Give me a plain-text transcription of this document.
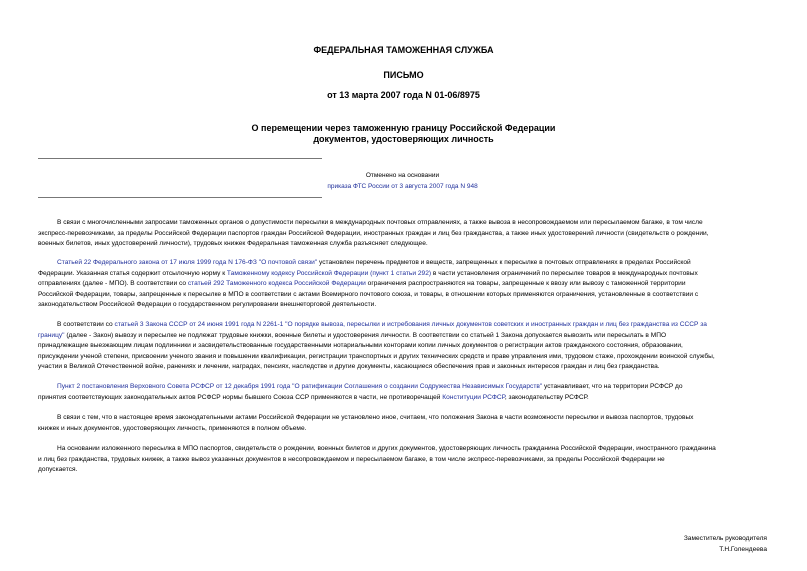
ФЕДЕРАЛЬНАЯ ТАМОЖЕННАЯ СЛУЖБА
ПИСЬМО
от 13 марта 2007 года N 01-06/8975
О перемещении через таможенную границу Российской Федерации
документов, удостоверяющих личность
Отменено на основании
приказа ФТС России от 3 августа 2007 года N 948
В связи с многочисленными запросами таможенных органов о допустимости пересылки в международных почтовых отправлениях, а также вывоза в несопровождаемом или пересылаемом багаже, в том числе
экспресс-перевозчиками, за пределы Российской Федерации паспортов граждан Российской Федерации, иностранных граждан и лиц без гражданства, а также иных удостоверений личности (свидетельств о рождении,
военных билетов, иных удостоверений личности), трудовых книжек Федеральная таможенная служба разъясняет следующее.
Статьей 22 Федерального закона от 17 июля 1999 года N 176-ФЗ "О почтовой связи" установлен перечень предметов и веществ, запрещенных к пересылке в почтовых отправлениях в пределах Российской
Федерации. Указанная статья содержит отсылочную норму к Таможенному кодексу Российской Федерации (пункт 1 статьи 292) в части установления ограничений по пересылке товаров в международных почтовых
отправлениях (далее - МПО). В соответствии со статьей 292 Таможенного кодекса Российской Федерации ограничения распространяются на товары, запрещенные к ввозу или вывозу с таможенной территории
Российской Федерации, товары, запрещенные к пересылке в МПО в соответствии с актами Всемирного почтового союза, и товары, в отношении которых применяются ограничения, установленные в соответствии с
законодательством Российской Федерации о государственном регулировании внешнеторговой деятельности.
В соответствии со статьей 3 Закона СССР от 24 июня 1991 года N 2261-1 "О порядке вывоза, пересылки и истребования личных документов советских и иностранных граждан и лиц без гражданства из СССР за
границу" (далее - Закон) вывозу и пересылке не подлежат трудовые книжки, военные билеты и удостоверения личности. В соответствии со статьей 1 Закона допускается вывозить или пересылать в МПО
принадлежащие выезжающим лицам подлинники и засвидетельствованные государственными нотариальными конторами копии личных документов о регистрации актов гражданского состояния, образовании,
присуждении ученой степени, присвоении ученого звания и повышении квалификации, регистрации транспортных и других технических средств и праве управления ими, трудовом стаже, прохождении воинской службы,
участии в Великой Отечественной войне, ранениях и лечении, наградах, пенсиях, наследстве и другие документы, касающиеся обеспечения прав и законных интересов граждан и лиц без гражданства.
Пункт 2 постановления Верховного Совета РСФСР от 12 декабря 1991 года "О ратификации Соглашения о создании Содружества Независимых Государств" устанавливает, что на территории РСФСР до
принятия соответствующих законодательных актов РСФСР нормы бывшего Союза ССР применяются в части, не противоречащей Конституции РСФСР, законодательству РСФСР.
В связи с тем, что в настоящее время законодательными актами Российской Федерации не установлено иное, считаем, что положения Закона в части возможности пересылки и вывоза паспортов, трудовых
книжек и иных документов, удостоверяющих личность, применяются в полном объеме.
На основании изложенного пересылка в МПО паспортов, свидетельств о рождении, военных билетов и других документов, удостоверяющих личность гражданина Российской Федерации, иностранного гражданина
и лиц без гражданства, трудовых книжек, а также вывоз указанных документов в несопровождаемом и пересылаемом багаже, в том числе экспресс-перевозчиками, за пределы Российской Федерации не
допускается.
Заместитель руководителя
Т.Н.Голендеева
